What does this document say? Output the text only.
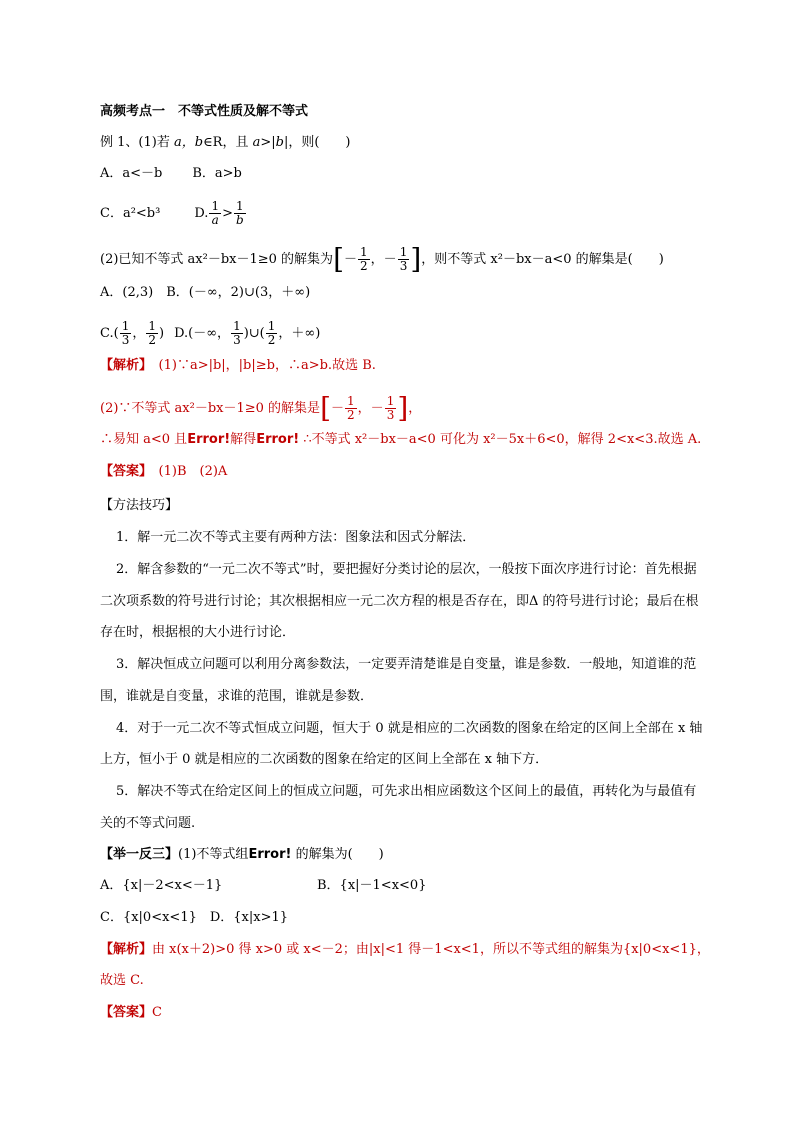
高频考点一　不等式性质及解不等式
例 1、(1)若 a，b∈R，且 a>|b|，则(　　)
A．a<－b B．a>b
C．a²<b³	D. $\frac{1}{a} > \frac{1}{b}$
(2)已知不等式 ax²－bx－1≥0 的解集为[－ $\frac{1}{2}$ ，－ $\frac{1}{3}$ ]，则不等式 x²－bx－a<0 的解集是(　　)
A．(2,3)　B．(－∞，2)∪(3，＋∞)
$C.( \frac{1}{3}$ ， $\frac{1}{2}$ ) D.(－∞， $\frac{1}{3}$ )∪( $\frac{1}{2}$ ，＋∞)
【解析】　 (1)∵a>|b|，|b|≥b，∴a>b.故选 B.
(2)∵不等式 ax²－bx－1≥0 的解集是[－ $\frac{1}{2}$ ，－ $\frac{1}{3}$ ]，
∴易知 a<0 且Error!解得Error! ∴不等式 x²－bx－a<0 可化为 x²－5x＋6<0，解得 2<x<3.故选 A.
【答案】　 (1)B　(2)A
【方法技巧】
1．解一元二次不等式主要有两种方法：图象法和因式分解法．
2．解含参数的“一元二次不等式”时，要把握好分类讨论的层次，一般按下面次序进行讨论：首先根据
二次项系数的符号进行讨论；其次根据相应一元二次方程的根是否存在，即Δ 的符号进行讨论；最后在根
存在时，根据根的大小进行讨论．
3．解决恒成立问题可以利用分离参数法，一定要弄清楚谁是自变量，谁是参数．一般地，知道谁的范
围，谁就是自变量，求谁的范围，谁就是参数．
4．对于一元二次不等式恒成立问题，恒大于 0 就是相应的二次函数的图象在给定的区间上全部在 x 轴
上方，恒小于 0 就是相应的二次函数的图象在给定的区间上全部在 x 轴下方．
5．解决不等式在给定区间上的恒成立问题，可先求出相应函数这个区间上的最值，再转化为与最值有
关的不等式问题.
【举一反三】(1)不等式组Error! 的解集为(　　)
A．{x|－2<x<－1}	B．{x|－1<x<0}
C．{x|0<x<1}　D．{x|x>1}
【解析】由 x(x＋2)>0 得 x>0 或 x<－2；由|x|<1 得－1<x<1，所以不等式组的解集为{x|0<x<1}，
故选 C.
【答案】C
